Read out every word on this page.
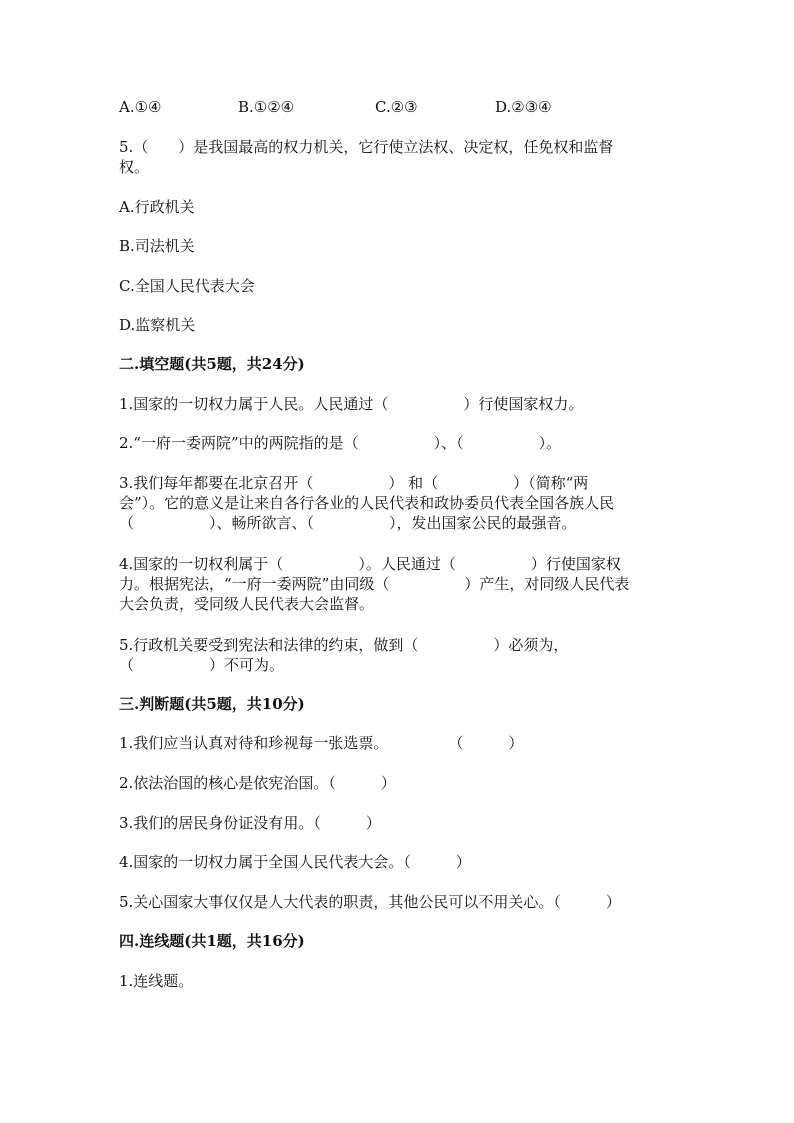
A.①④	B.①②④	C.②③	D.②③④
5.（　　）是我国最高的权力机关，它行使立法权、决定权，任免权和监督
权。
A.行政机关
B.司法机关
C.全国人民代表大会
D.监察机关
二.填空题(共5题，共24分)
1.国家的一切权力属于人民。人民通过（　　　　　）行使国家权力。
2.“一府一委两院”中的两院指的是（　　　　　）、（　　　　　）。
3.我们每年都要在北京召开（　　　　　） 和（　　　　　）（简称“两
会”）。它的意义是让来自各行各业的人民代表和政协委员代表全国各族人民
（　　　　　）、畅所欲言、（　　　　　），发出国家公民的最强音。
4.国家的一切权利属于（　　　　　）。人民通过（　　　　　）行使国家权
力。根据宪法，“一府一委两院”由同级（　　　　　）产生，对同级人民代表
大会负责，受同级人民代表大会监督。
5.行政机关要受到宪法和法律的约束，做到（　　　　　）必须为，
（　　　　　）不可为。
三.判断题(共5题，共10分)
1.我们应当认真对待和珍视每一张选票。　　　　　（　　　）
2.依法治国的核心是依宪治国。（　　　）
3.我们的居民身份证没有用。（　　　）
4.国家的一切权力属于全国人民代表大会。（　　　）
5.关心国家大事仅仅是人大代表的职责，其他公民可以不用关心。（　　　）
四.连线题(共1题，共16分)
1.连线题。
